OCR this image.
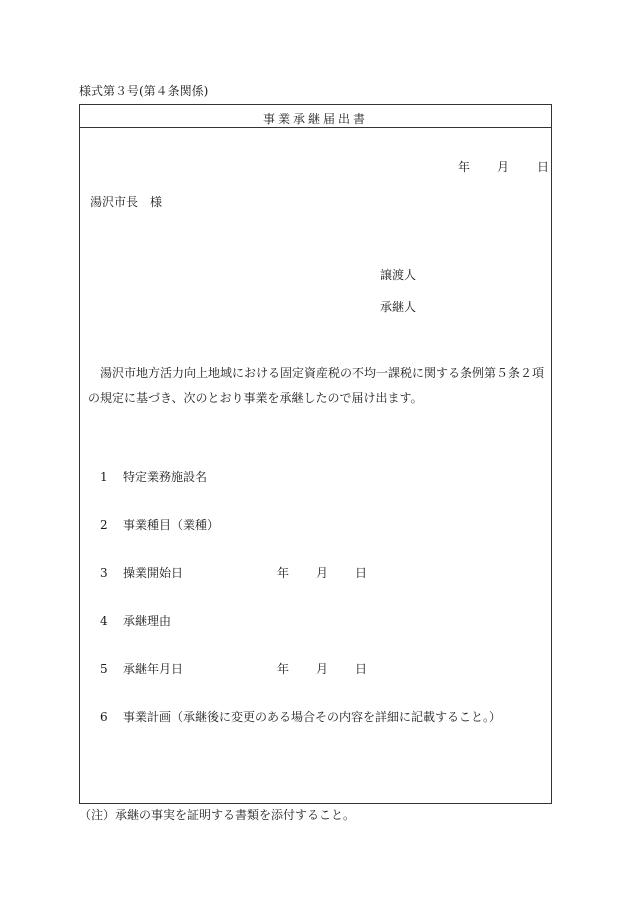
様式第３号(第４条関係)
事業承継届出書
年 月 日
湯沢市長　様
譲渡人
承継人
湯沢市地方活力向上地域における固定資産税の不均一課税に関する条例第５条２項の規定に基づき、次のとおり事業を承継したので届け出ます。
1 特定業務施設名
2 事業種目（業種）
3 操業開始日	年 月 日
4 承継理由
5 承継年月日	年 月 日
6 事業計画（承継後に変更のある場合その内容を詳細に記載すること。）
（注）承継の事実を証明する書類を添付すること。
